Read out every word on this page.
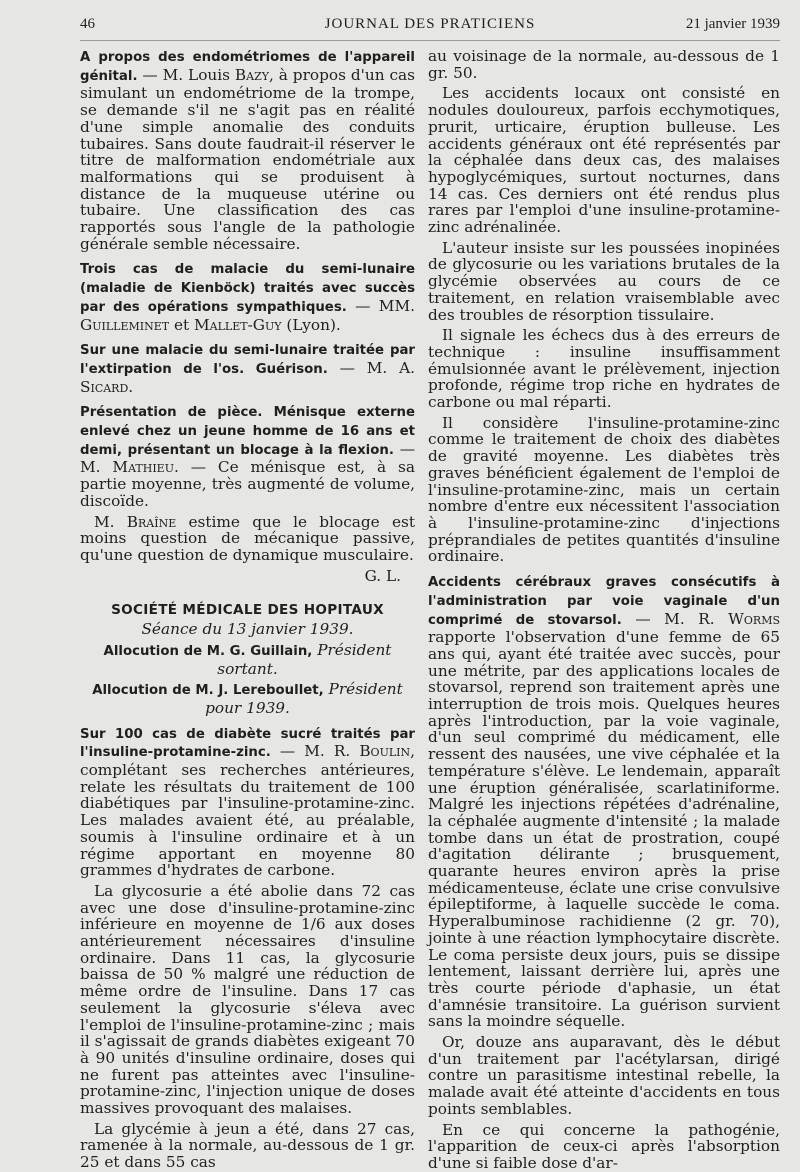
46	JOURNAL DES PRATICIENS	21 janvier 1939

A propos des endométriomes de l'appareil génital. — M. Louis Bazy, à propos d'un cas simulant un endométriome de la trompe, se demande s'il ne s'agit pas en réalité d'une simple anomalie des conduits tubaires. Sans doute faudrait-il réserver le titre de malformation endométriale aux malformations qui se produisent à distance de la muqueuse utérine ou tubaire. Une classification des cas rapportés sous l'angle de la pathologie générale semble nécessaire.

Trois cas de malacie du semi-lunaire (maladie de Kienböck) traités avec succès par des opérations sympathiques. — MM. Guilleminet et Mallet-Guy (Lyon).

Sur une malacie du semi-lunaire traitée par l'extirpation de l'os. Guérison. — M. A. Sicard.

Présentation de pièce. Ménisque externe enlevé chez un jeune homme de 16 ans et demi, présentant un blocage à la flexion. — M. Mathieu. — Ce ménisque est, à sa partie moyenne, très augmenté de volume, discoïde.

M. Braîne estime que le blocage est moins question de mécanique passive, qu'une question de dynamique musculaire.

G. L.

SOCIÉTÉ MÉDICALE DES HOPITAUX
Séance du 13 janvier 1939.

Allocution de M. G. Guillain, Président sortant.

Allocution de M. J. Lereboullet, Président pour 1939.

Sur 100 cas de diabète sucré traités par l'insuline-protamine-zinc. — M. R. Boulin, complétant ses recherches antérieures, relate les résultats du traitement de 100 diabétiques par l'insuline-protamine-zinc. Les malades avaient été, au préalable, soumis à l'insuline ordinaire et à un régime apportant en moyenne 80 grammes d'hydrates de carbone.

La glycosurie a été abolie dans 72 cas avec une dose d'insuline-protamine-zinc inférieure en moyenne de 1/6 aux doses antérieurement nécessaires d'insuline ordinaire. Dans 11 cas, la glycosurie baissa de 50 % malgré une réduction de même ordre de l'insuline. Dans 17 cas seulement la glycosurie s'éleva avec l'emploi de l'insuline-protamine-zinc ; mais il s'agissait de grands diabètes exigeant 70 à 90 unités d'insuline ordinaire, doses qui ne furent pas atteintes avec l'insuline-protamine-zinc, l'injection unique de doses massives provoquant des malaises.

La glycémie à jeun a été, dans 27 cas, ramenée à la normale, au-dessous de 1 gr. 25 et dans 55 cas

au voisinage de la normale, au-dessous de 1 gr. 50.

Les accidents locaux ont consisté en nodules douloureux, parfois ecchymotiques, prurit, urticaire, éruption bulleuse. Les accidents généraux ont été représentés par la céphalée dans deux cas, des malaises hypoglycémiques, surtout nocturnes, dans 14 cas. Ces derniers ont été rendus plus rares par l'emploi d'une insuline-protamine-zinc adrénalinée.

L'auteur insiste sur les poussées inopinées de glycosurie ou les variations brutales de la glycémie observées au cours de ce traitement, en relation vraisemblable avec des troubles de résorption tissulaire.

Il signale les échecs dus à des erreurs de technique : insuline insuffisamment émulsionnée avant le prélèvement, injection profonde, régime trop riche en hydrates de carbone ou mal réparti.

Il considère l'insuline-protamine-zinc comme le traitement de choix des diabètes de gravité moyenne. Les diabètes très graves bénéficient également de l'emploi de l'insuline-protamine-zinc, mais un certain nombre d'entre eux nécessitent l'association à l'insuline-protamine-zinc d'injections préprandiales de petites quantités d'insuline ordinaire.

Accidents cérébraux graves consécutifs à l'administration par voie vaginale d'un comprimé de stovarsol. — M. R. Worms rapporte l'observation d'une femme de 65 ans qui, ayant été traitée avec succès, pour une métrite, par des applications locales de stovarsol, reprend son traitement après une interruption de trois mois. Quelques heures après l'introduction, par la voie vaginale, d'un seul comprimé du médicament, elle ressent des nausées, une vive céphalée et la température s'élève. Le lendemain, apparaît une éruption généralisée, scarlatiniforme. Malgré les injections répétées d'adrénaline, la céphalée augmente d'intensité ; la malade tombe dans un état de prostration, coupé d'agitation délirante ; brusquement, quarante heures environ après la prise médicamenteuse, éclate une crise convulsive épileptiforme, à laquelle succède le coma. Hyperalbuminose rachidienne (2 gr. 70), jointe à une réaction lymphocytaire discrète. Le coma persiste deux jours, puis se dissipe lentement, laissant derrière lui, après une très courte période d'aphasie, un état d'amnésie transitoire. La guérison survient sans la moindre séquelle.

Or, douze ans auparavant, dès le début d'un traitement par l'acétylarsan, dirigé contre un parasitisme intestinal rebelle, la malade avait été atteinte d'accidents en tous points semblables.

En ce qui concerne la pathogénie, l'apparition de ceux-ci après l'absorption d'une si faible dose d'ar-
